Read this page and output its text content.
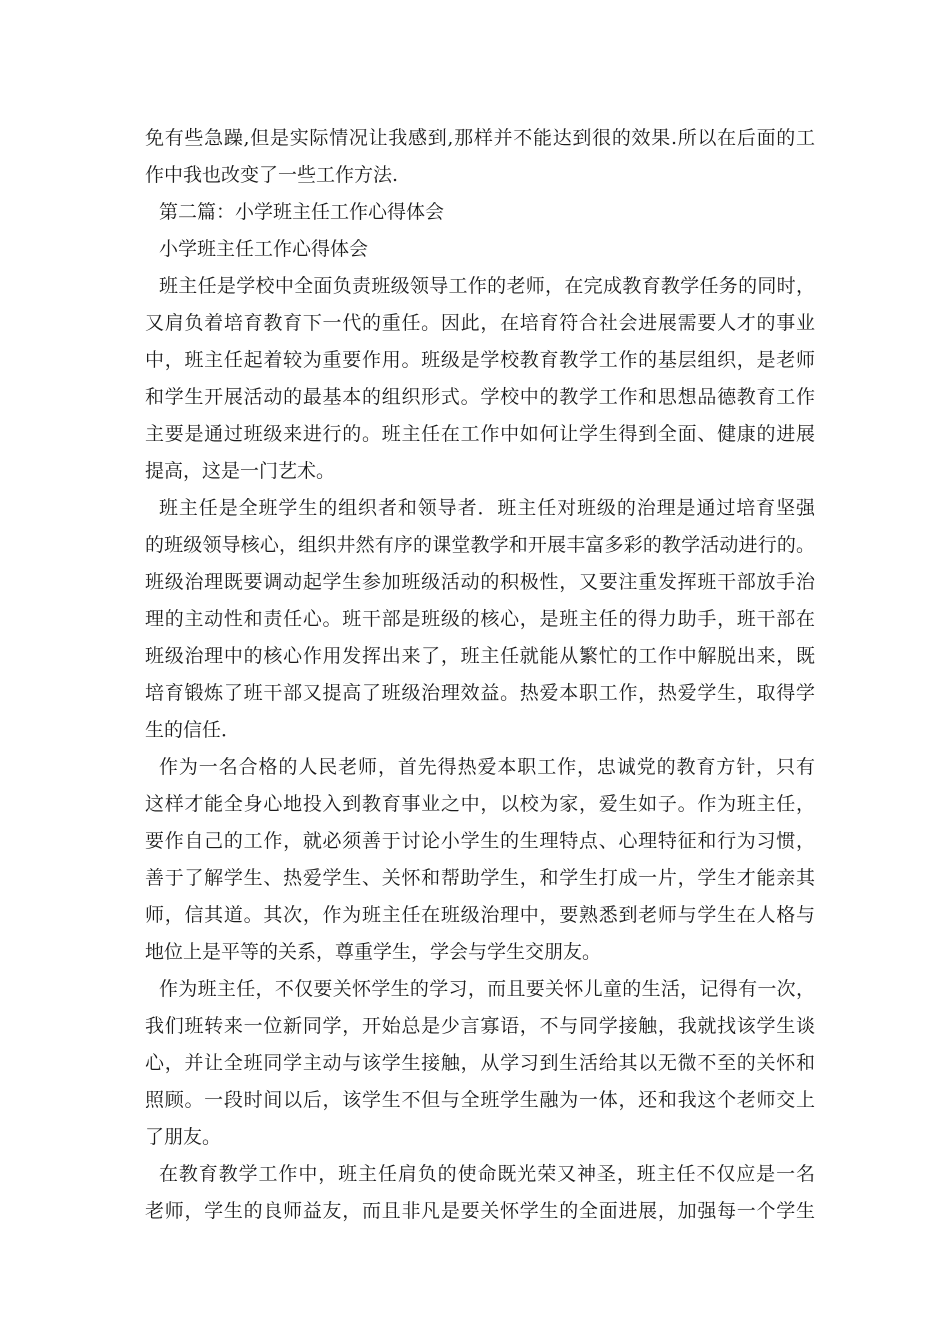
免有些急躁,但是实际情况让我感到,那样并不能达到很的效果.所以在后面的工
作中我也改变了一些工作方法.
第二篇：小学班主任工作心得体会
小学班主任工作心得体会
班主任是学校中全面负责班级领导工作的老师，在完成教育教学任务的同时，
又肩负着培育教育下一代的重任。因此，在培育符合社会进展需要人才的事业
中，班主任起着较为重要作用。班级是学校教育教学工作的基层组织，是老师
和学生开展活动的最基本的组织形式。学校中的教学工作和思想品德教育工作
主要是通过班级来进行的。班主任在工作中如何让学生得到全面、健康的进展
提高，这是一门艺术。
班主任是全班学生的组织者和领导者．班主任对班级的治理是通过培育坚强
的班级领导核心，组织井然有序的课堂教学和开展丰富多彩的教学活动进行的。
班级治理既要调动起学生参加班级活动的积极性，又要注重发挥班干部放手治
理的主动性和责任心。班干部是班级的核心，是班主任的得力助手，班干部在
班级治理中的核心作用发挥出来了，班主任就能从繁忙的工作中解脱出来，既
培育锻炼了班干部又提高了班级治理效益。热爱本职工作，热爱学生，取得学
生的信任．
作为一名合格的人民老师，首先得热爱本职工作，忠诚党的教育方针，只有
这样才能全身心地投入到教育事业之中，以校为家，爱生如子。作为班主任，
要作自己的工作，就必须善于讨论小学生的生理特点、心理特征和行为习惯，
善于了解学生、热爱学生、关怀和帮助学生，和学生打成一片，学生才能亲其
师，信其道。其次，作为班主任在班级治理中，要熟悉到老师与学生在人格与
地位上是平等的关系，尊重学生，学会与学生交朋友。
作为班主任，不仅要关怀学生的学习，而且要关怀儿童的生活，记得有一次，
我们班转来一位新同学，开始总是少言寡语，不与同学接触，我就找该学生谈
心，并让全班同学主动与该学生接触，从学习到生活给其以无微不至的关怀和
照顾。一段时间以后，该学生不但与全班学生融为一体，还和我这个老师交上
了朋友。
在教育教学工作中，班主任肩负的使命既光荣又神圣，班主任不仅应是一名
老师，学生的良师益友，而且非凡是要关怀学生的全面进展，加强每一个学生
